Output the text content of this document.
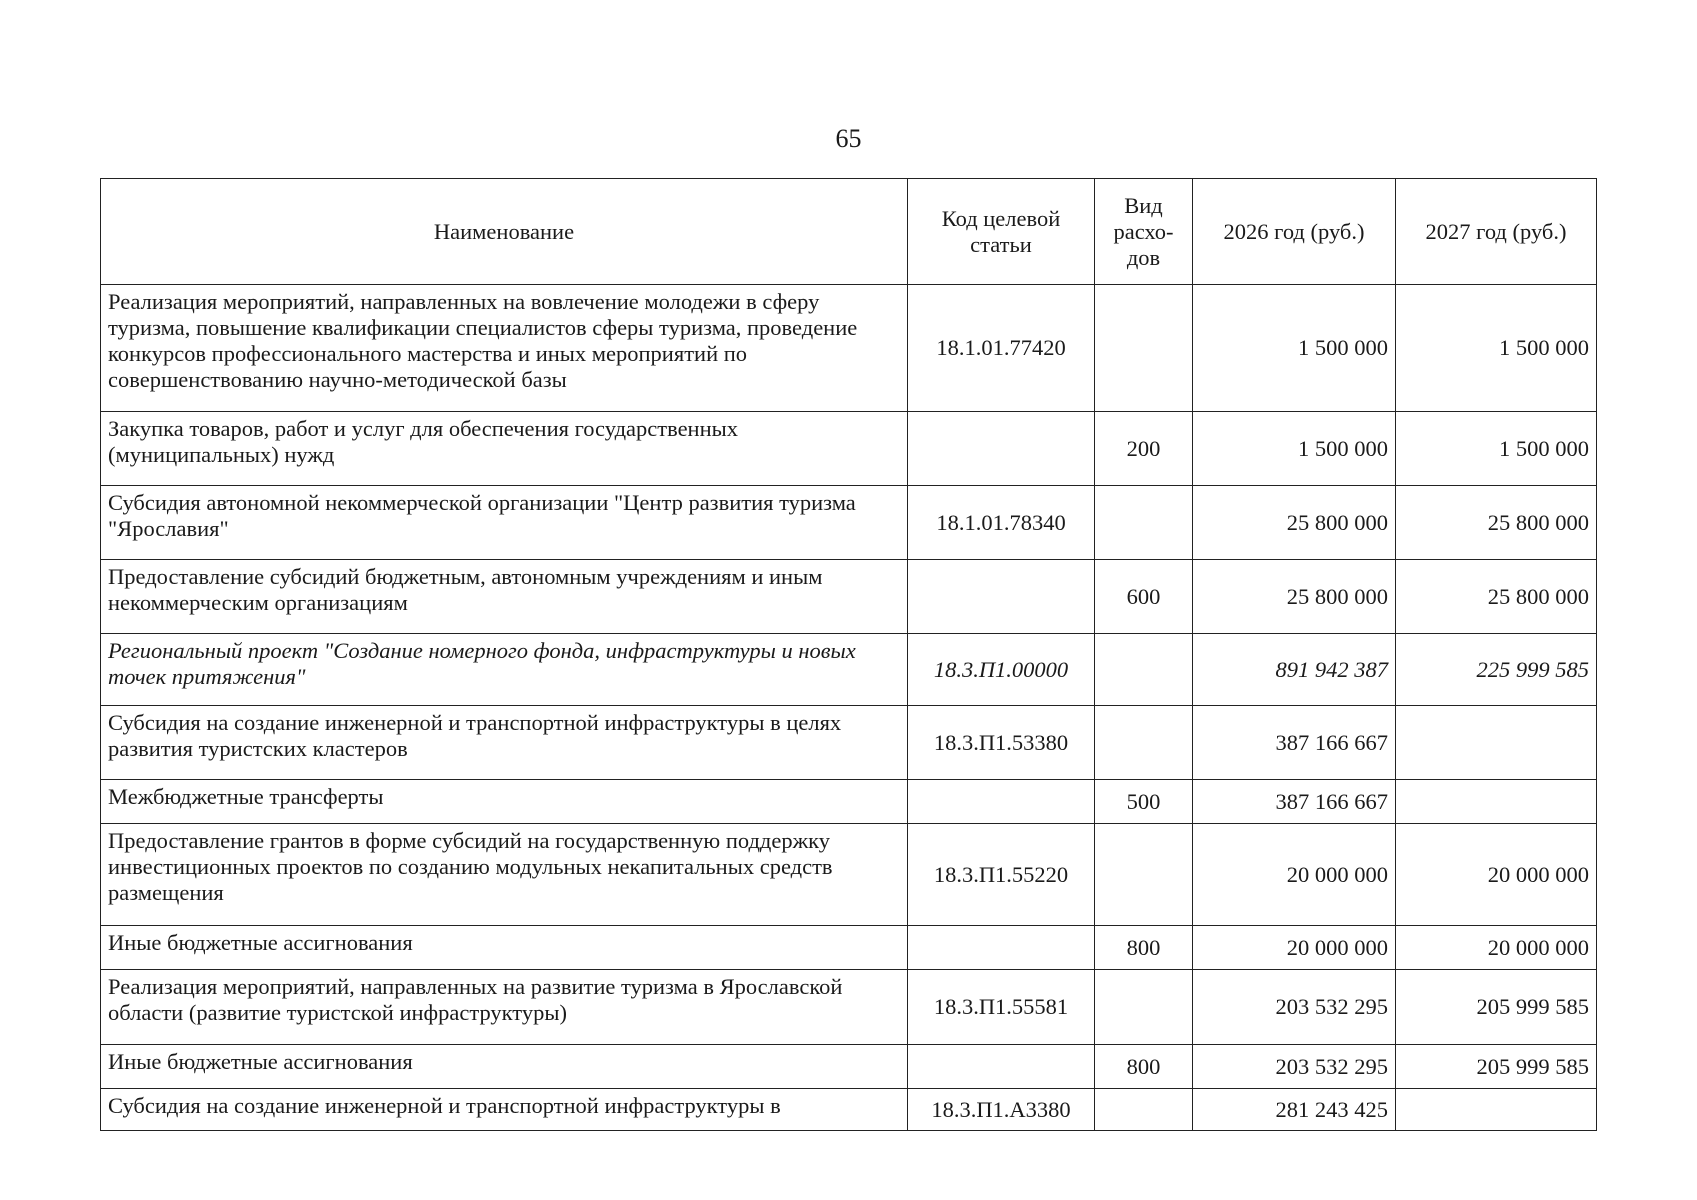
65
Наименование	Код целевой статьи	Вид расхо-дов	2026 год (руб.)	2027 год (руб.)
Реализация мероприятий, направленных на вовлечение молодежи в сферу туризма, повышение квалификации специалистов сферы туризма, проведение конкурсов профессионального мастерства и иных мероприятий по совершенствованию научно-методической базы	18.1.01.77420		1 500 000	1 500 000
Закупка товаров, работ и услуг для обеспечения государственных (муниципальных) нужд		200	1 500 000	1 500 000
Субсидия автономной некоммерческой организации "Центр развития туризма "Ярославия"	18.1.01.78340		25 800 000	25 800 000
Предоставление субсидий бюджетным, автономным учреждениям и иным некоммерческим организациям		600	25 800 000	25 800 000
Региональный проект "Создание номерного фонда, инфраструктуры и новых точек притяжения"	18.3.П1.00000		891 942 387	225 999 585
Субсидия на создание инженерной и транспортной инфраструктуры в целях развития туристских кластеров	18.3.П1.53380		387 166 667	
Межбюджетные трансферты		500	387 166 667	
Предоставление грантов в форме субсидий на государственную поддержку инвестиционных проектов по созданию модульных некапитальных средств размещения	18.3.П1.55220		20 000 000	20 000 000
Иные бюджетные ассигнования		800	20 000 000	20 000 000
Реализация мероприятий, направленных на развитие туризма в Ярославской области (развитие туристской инфраструктуры)	18.3.П1.55581		203 532 295	205 999 585
Иные бюджетные ассигнования		800	203 532 295	205 999 585
Субсидия на создание инженерной и транспортной инфраструктуры в	18.3.П1.А3380		281 243 425	
